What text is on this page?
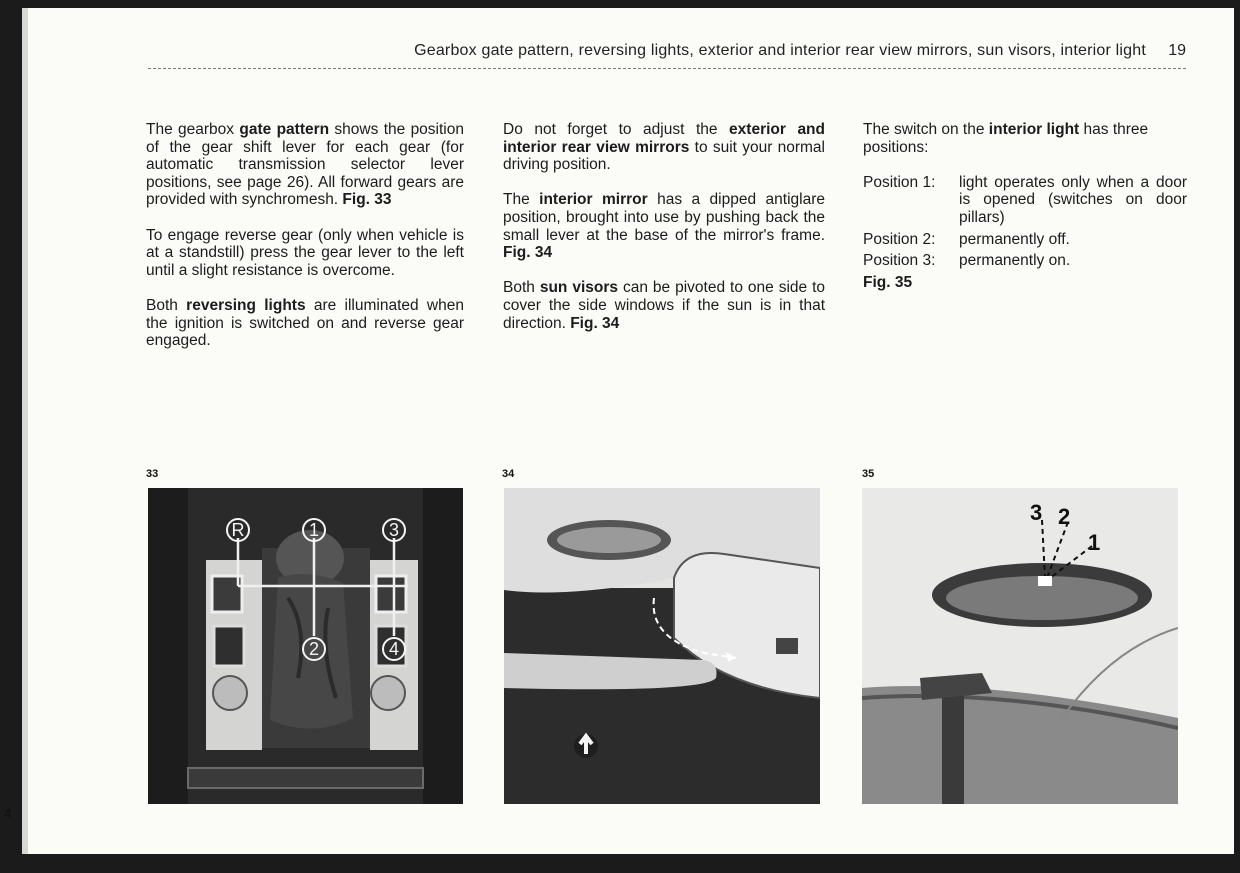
Gearbox gate pattern, reversing lights, exterior and interior rear view mirrors, sun visors, interior light 19

The gearbox gate pattern shows the position of the gear shift lever for each gear (for automatic transmission selector lever positions, see page 26). All forward gears are provided with synchromesh. Fig. 33

To engage reverse gear (only when vehicle is at a standstill) press the gear lever to the left until a slight resistance is overcome.

Both reversing lights are illuminated when the ignition is switched on and reverse gear engaged.

Do not forget to adjust the exterior and interior rear view mirrors to suit your normal driving position.

The interior mirror has a dipped antiglare position, brought into use by pushing back the small lever at the base of the mirror's frame. Fig. 34

Both sun visors can be pivoted to one side to cover the side windows if the sun is in that direction. Fig. 34

The switch on the interior light has three positions:

Position 1:	light operates only when a door is opened (switches on door pillars)
Position 2:	permanently off.
Position 3:	permanently on.
Fig. 35
33	34	35
R	1	3
2	4
3 2
1
4
